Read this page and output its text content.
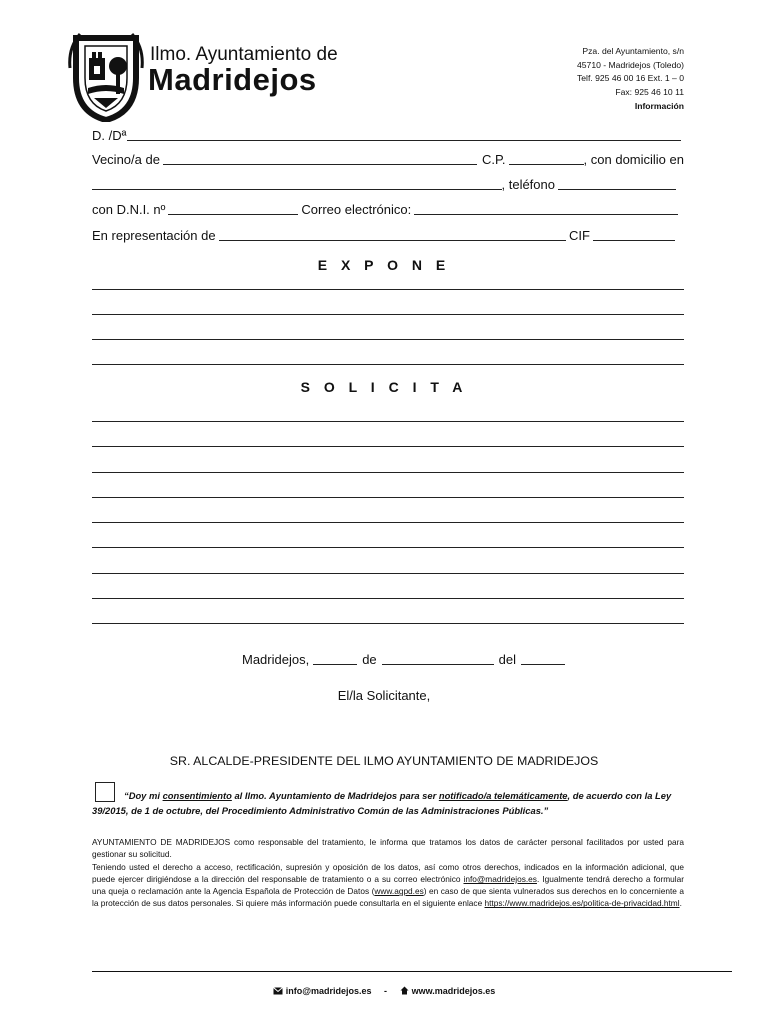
Ilmo. Ayuntamiento de
Madridejos
Pza. del Ayuntamiento, s/n
45710 - Madridejos (Toledo)
Telf. 925 46 00 16 Ext. 1 – 0
Fax: 925 46 10 11
Información
D. /Dª
Vecino/a de	C.P.	, con domicilio en
, teléfono
con D.N.I. nº	Correo electrónico:
En representación de	CIF
E X P O N E
S O L I C I T A
Madridejos,	de	del
El/la Solicitante,
SR. ALCALDE-PRESIDENTE DEL ILMO AYUNTAMIENTO DE MADRIDEJOS
“Doy mi consentimiento al Ilmo. Ayuntamiento de Madridejos para ser notificado/a telemáticamente, de acuerdo con la Ley 39/2015, de 1 de octubre, del Procedimiento Administrativo Común de las Administraciones Públicas.”

AYUNTAMIENTO DE MADRIDEJOS como responsable del tratamiento, le informa que tratamos los datos de carácter personal facilitados por usted para gestionar su solicitud.

Teniendo usted el derecho a acceso, rectificación, supresión y oposición de los datos, así como otros derechos, indicados en la información adicional, que puede ejercer dirigiéndose a la dirección del responsable de tratamiento o a su correo electrónico info@madridejos.es. Igualmente tendrá derecho a formular una queja o reclamación ante la Agencia Española de Protección de Datos (www.agpd.es) en caso de que sienta vulnerados sus derechos en lo concerniente a la protección de sus datos personales. Si quiere más información puede consultarla en el siguiente enlace https://www.madridejos.es/politica-de-privacidad.html.

info@madridejos.es -	www.madridejos.es
